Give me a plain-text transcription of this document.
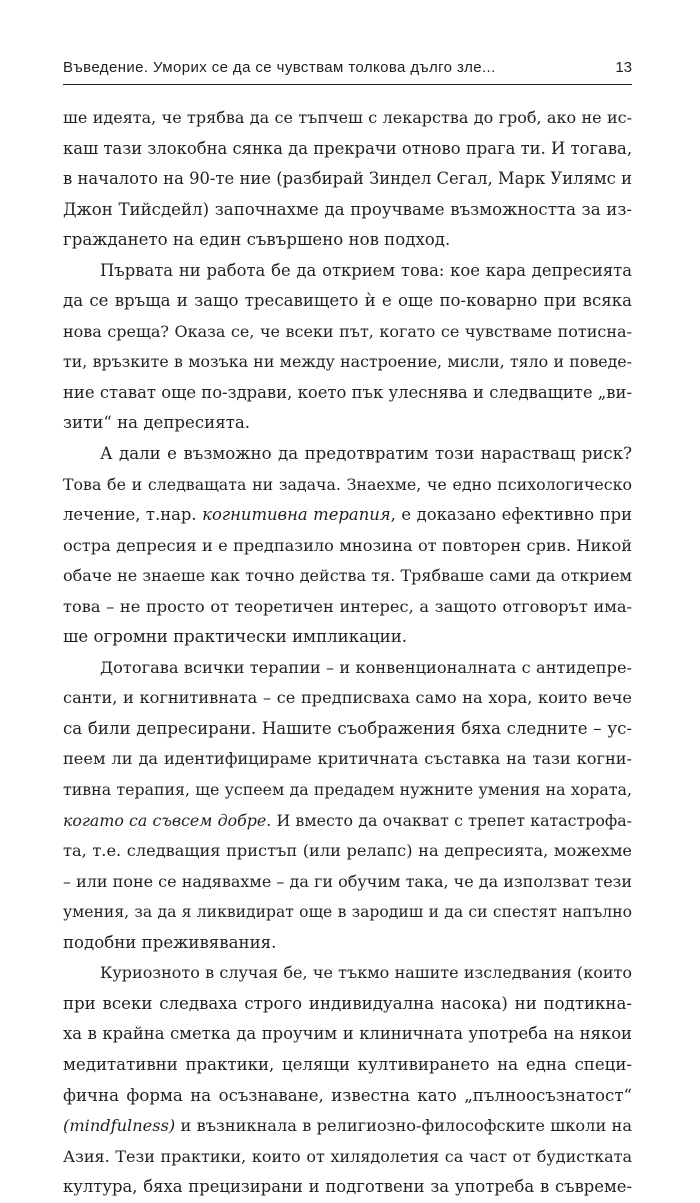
Въведение. Уморих се да се чувствам толкова дълго зле...	13
ше идеята, че трябва да се тъпчеш с лекарства до гроб, ако не ис-
каш тази злокобна сянка да прекрачи отново прага ти. И тогава,
в началото на 90-те ние (разбирай Зиндел Сегал, Марк Уилямс и
Джон Тийсдейл) започнахме да проучваме възможността за из-
граждането на един съвършено нов подход.
Първата ни работа бе да открием това: кое кара депресията
да се връща и защо тресавището ѝ е още по-коварно при всяка
нова среща? Оказа се, че всеки път, когато се чувстваме потисна-
ти, връзките в мозъка ни между настроение, мисли, тяло и поведе-
ние стават още по-здрави, което пък улеснява и следващите „ви-
зити“ на депресията.
А дали е възможно да предотвратим този нарастващ риск?
Това бе и следващата ни задача. Знаехме, че едно психологическо
лечение, т.нар. когнитивна терапия, е доказано ефективно при
остра депресия и е предпазило мнозина от повторен срив. Никой
обаче не знаеше как точно действа тя. Трябваше сами да открием
това – не просто от теоретичен интерес, а защото отговорът има-
ше огромни практически импликации.
Дотогава всички терапии – и конвенционалната с антидепре-
санти, и когнитивната – се предписваха само на хора, които вече
са били депресирани. Нашите съображения бяха следните – ус-
пеем ли да идентифицираме критичната съставка на тази когни-
тивна терапия, ще успеем да предадем нужните умения на хората,
когато са съвсем добре. И вместо да очакват с трепет катастрофа-
та, т.е. следващия пристъп (или релапс) на депресията, можехме
– или поне се надявахме – да ги обучим така, че да използват тези
умения, за да я ликвидират още в зародиш и да си спестят напълно
подобни преживявания.
Куриозното в случая бе, че тъкмо нашите изследвания (които
при всеки следваха строго индивидуална насока) ни подтикна-
ха в крайна сметка да проучим и клиничната употреба на някои
медитативни практики, целящи култивирането на една специ-
фична форма на осъзнаване, известна като „пълноосъзнатост“
(mindfulness) и възникнала в религиозно-философските школи на
Азия. Тези практики, които от хилядолетия са част от будистката
култура, бяха прецизирани и подготвени за употреба в съвреме-
